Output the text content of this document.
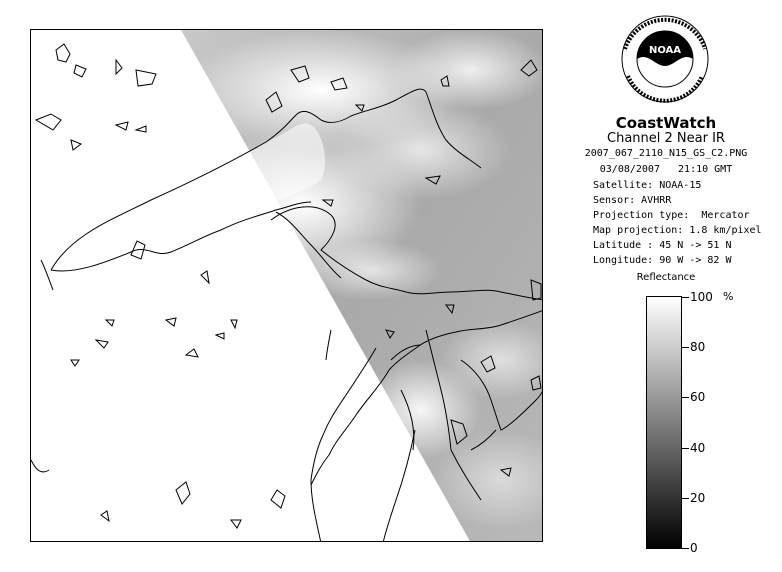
NOAA
CoastWatch
Channel 2 Near IR
2007_067_2110_N15_GS_C2.PNG
03/08/2007   21:10 GMT
Satellite: NOAA-15
Sensor: AVHRR
Projection type:  Mercator
Map projection: 1.8 km/pixel
Latitude : 45 N -> 51 N
Longitude: 90 W -> 82 W
Reflectance
%
100
80
60
40
20
0
